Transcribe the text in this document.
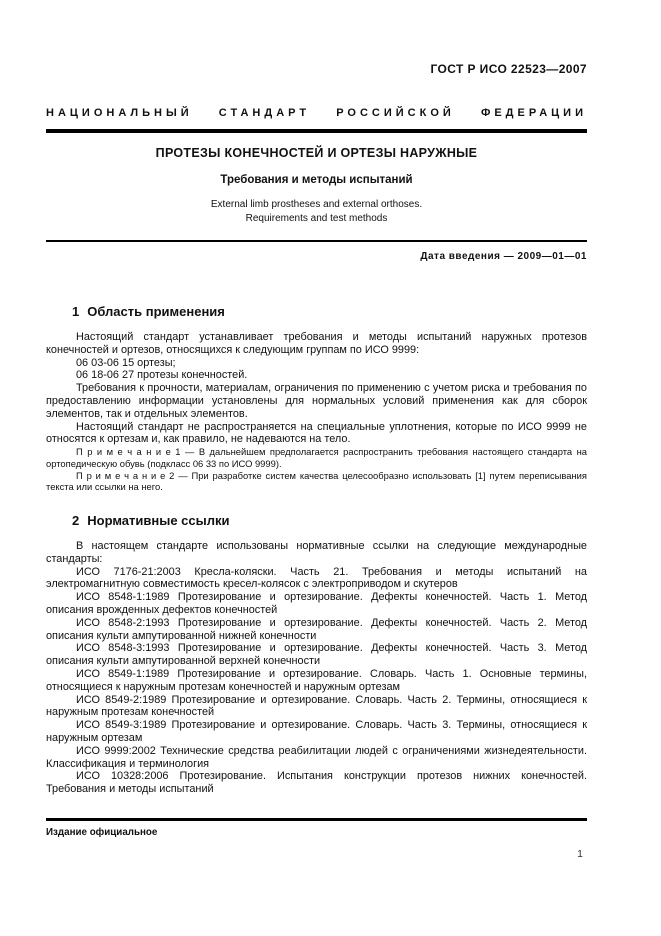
ГОСТ Р ИСО 22523—2007
НАЦИОНАЛЬНЫЙ СТАНДАРТ РОССИЙСКОЙ ФЕДЕРАЦИИ
ПРОТЕЗЫ КОНЕЧНОСТЕЙ И ОРТЕЗЫ НАРУЖНЫЕ
Требования и методы испытаний
External limb prostheses and external orthoses.
Requirements and test methods
Дата введения — 2009—01—01
1 Область применения

Настоящий стандарт устанавливает требования и методы испытаний наружных протезов конечностей и ортезов, относящихся к следующим группам по ИСО 9999:

06 03-06 15 ортезы;

06 18-06 27 протезы конечностей.

Требования к прочности, материалам, ограничения по применению с учетом риска и требования по предоставлению информации установлены для нормальных условий применения как для сборок элементов, так и отдельных элементов.

Настоящий стандарт не распространяется на специальные уплотнения, которые по ИСО 9999 не относятся к ортезам и, как правило, не надеваются на тело.

П р и м е ч а н и е 1 — В дальнейшем предполагается распространить требования настоящего стандарта на ортопедическую обувь (подкласс 06 33 по ИСО 9999).

П р и м е ч а н и е 2 — При разработке систем качества целесообразно использовать [1] путем переписывания текста или ссылки на него.

2 Нормативные ссылки

В настоящем стандарте использованы нормативные ссылки на следующие международные стандарты:

ИСО 7176-21:2003 Кресла-коляски. Часть 21. Требования и методы испытаний на электромагнитную совместимость кресел-колясок с электроприводом и скутеров

ИСО 8548-1:1989 Протезирование и ортезирование. Дефекты конечностей. Часть 1. Метод описания врожденных дефектов конечностей

ИСО 8548-2:1993 Протезирование и ортезирование. Дефекты конечностей. Часть 2. Метод описания культи ампутированной нижней конечности

ИСО 8548-3:1993 Протезирование и ортезирование. Дефекты конечностей. Часть 3. Метод описания культи ампутированной верхней конечности

ИСО 8549-1:1989 Протезирование и ортезирование. Словарь. Часть 1. Основные термины, относящиеся к наружным протезам конечностей и наружным ортезам

ИСО 8549-2:1989 Протезирование и ортезирование. Словарь. Часть 2. Термины, относящиеся к наружным протезам конечностей

ИСО 8549-3:1989 Протезирование и ортезирование. Словарь. Часть 3. Термины, относящиеся к наружным ортезам

ИСО 9999:2002 Технические средства реабилитации людей с ограничениями жизнедеятельности. Классификация и терминология

ИСО 10328:2006 Протезирование. Испытания конструкции протезов нижних конечностей. Требования и методы испытаний

Издание официальное
1
